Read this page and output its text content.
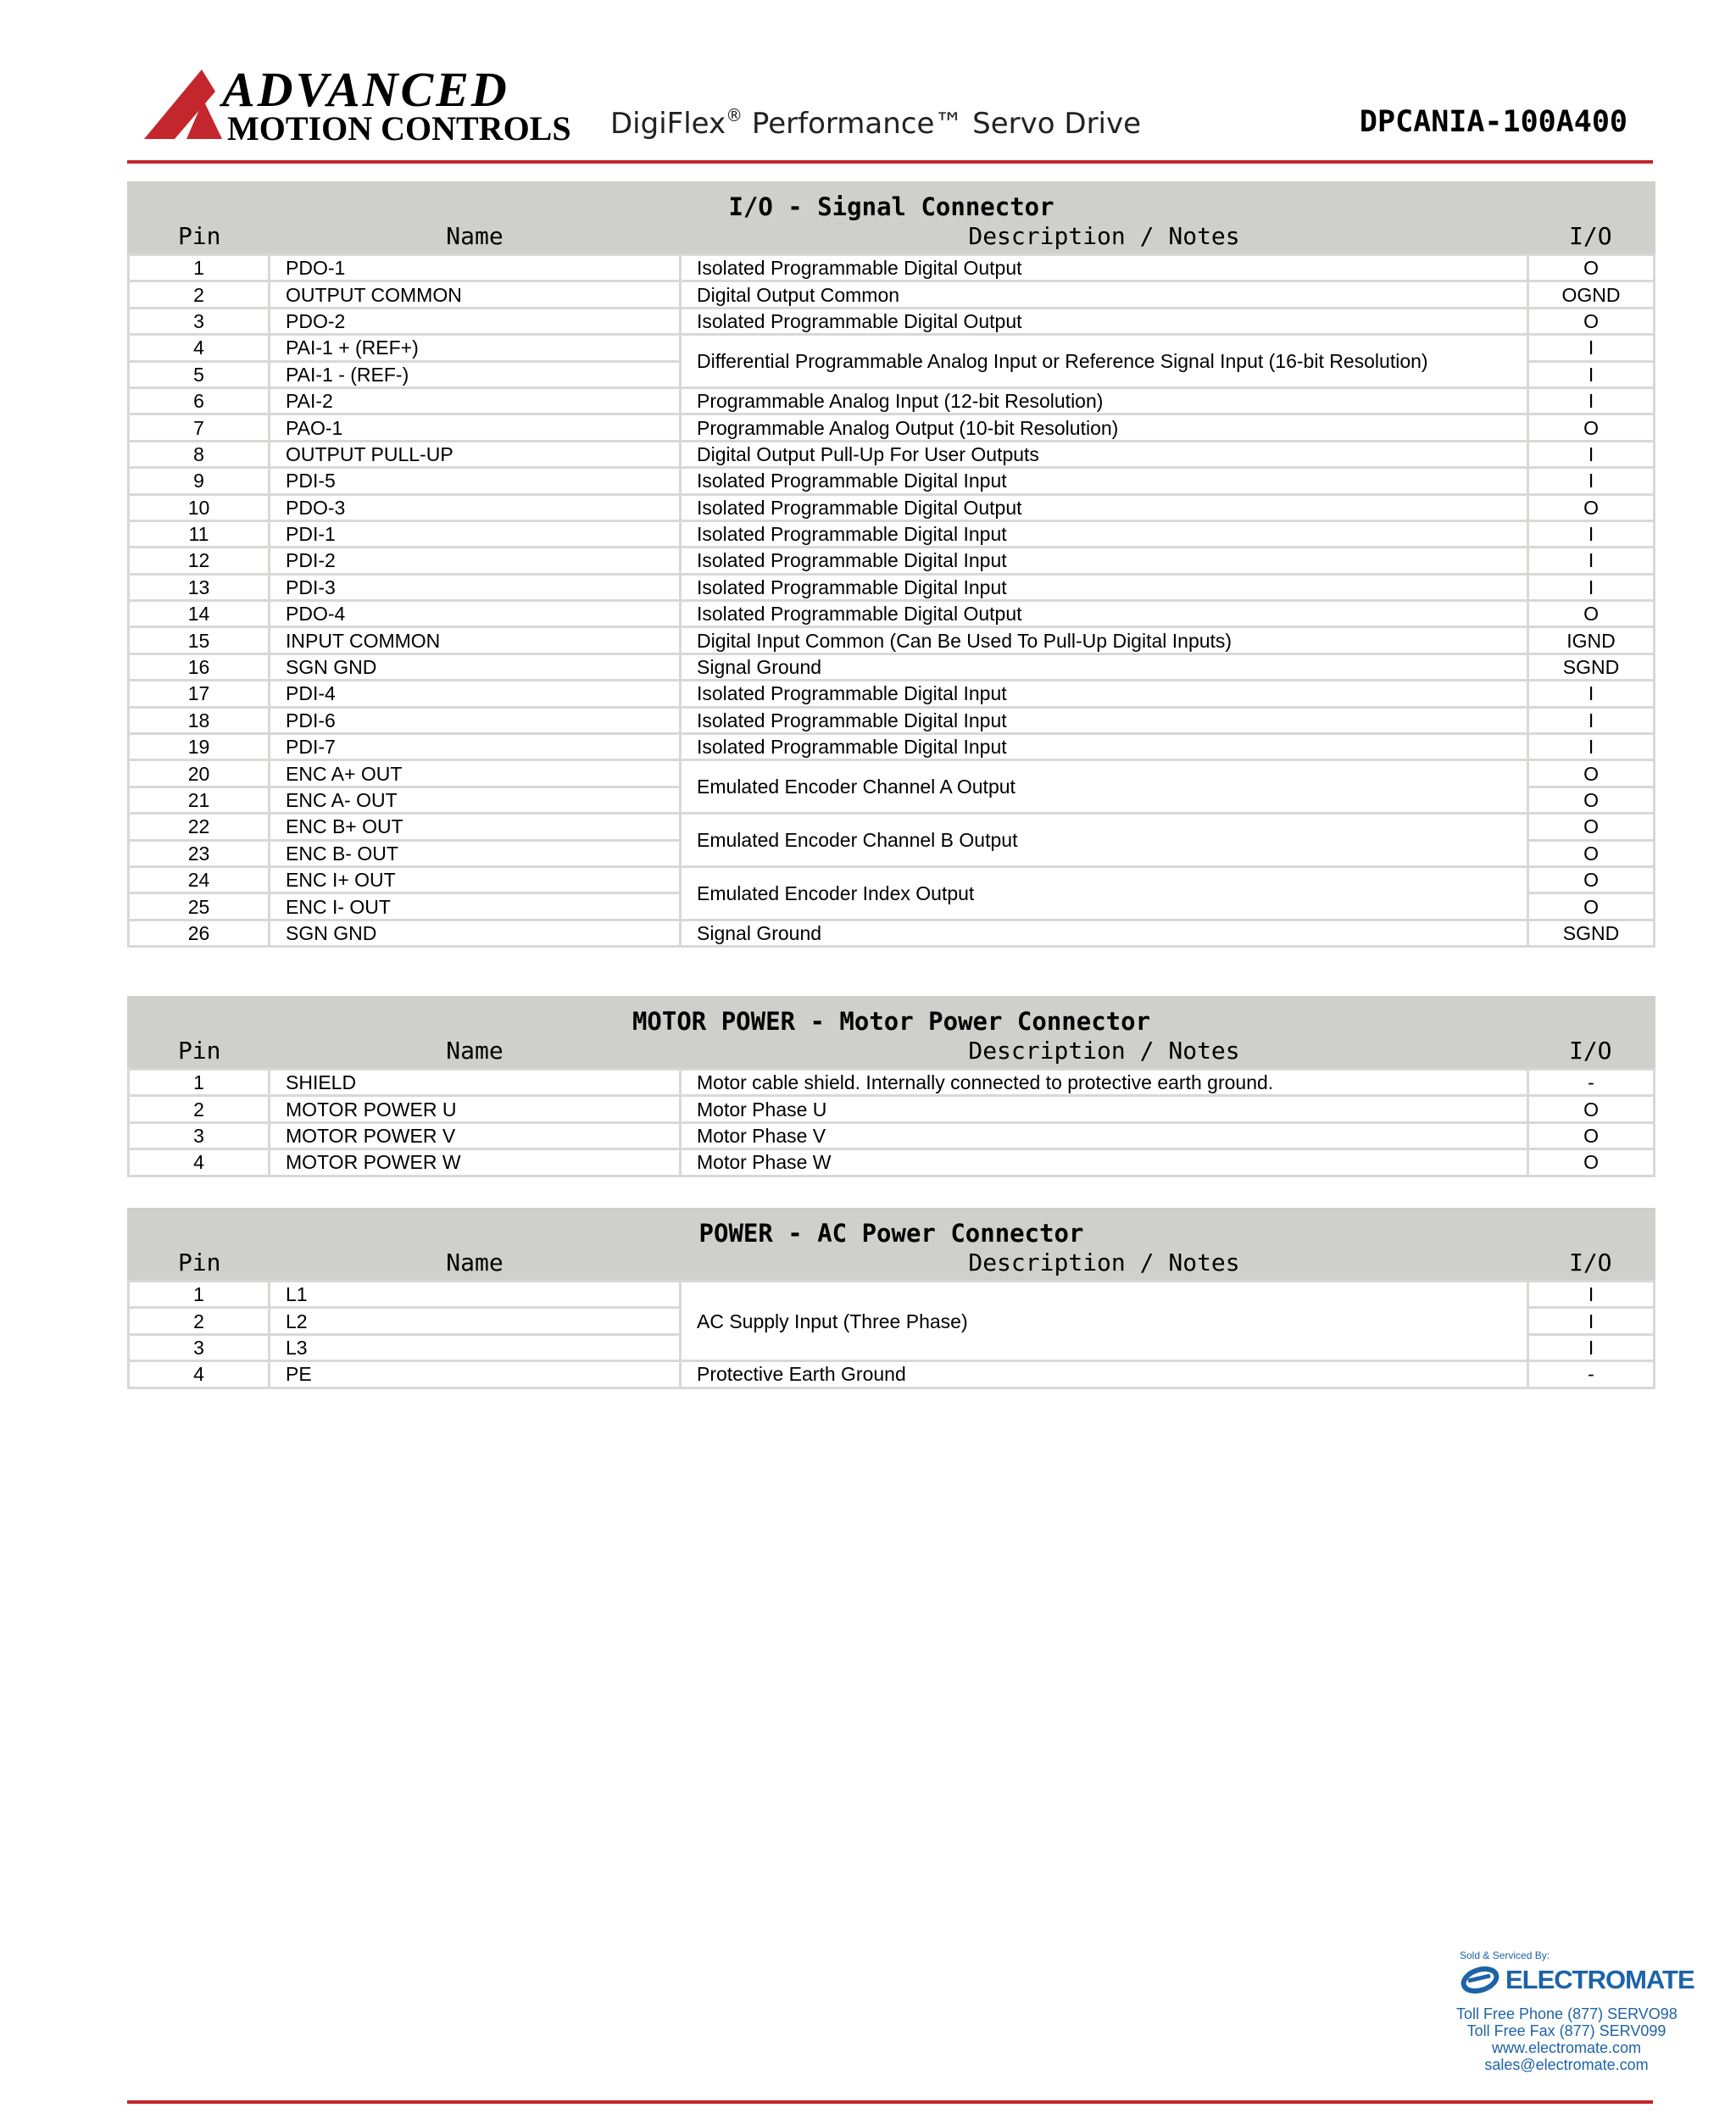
ADVANCED
MOTION CONTROLS DigiFlex® Performance™ Servo Drive	DPCANIA-100A400
I/O - Signal Connector			
Pin	Name	Description / Notes	I/O
1	PDO-1	Isolated Programmable Digital Output	O
2	OUTPUT COMMON	Digital Output Common	OGND
3	PDO-2	Isolated Programmable Digital Output	O
4	PAI-1 + (REF+)	Differential Programmable Analog Input or Reference Signal Input (16-bit Resolution)	I
5	PAI-1 - (REF-)		I
6	PAI-2	Programmable Analog Input (12-bit Resolution)	I
7	PAO-1	Programmable Analog Output (10-bit Resolution)	O
8	OUTPUT PULL-UP	Digital Output Pull-Up For User Outputs	I
9	PDI-5	Isolated Programmable Digital Input	I
10	PDO-3	Isolated Programmable Digital Output	O
11	PDI-1	Isolated Programmable Digital Input	I
12	PDI-2	Isolated Programmable Digital Input	I
13	PDI-3	Isolated Programmable Digital Input	I
14	PDO-4	Isolated Programmable Digital Output	O
15	INPUT COMMON	Digital Input Common (Can Be Used To Pull-Up Digital Inputs)	IGND
16	SGN GND	Signal Ground	SGND
17	PDI-4	Isolated Programmable Digital Input	I
18	PDI-6	Isolated Programmable Digital Input	I
19	PDI-7	Isolated Programmable Digital Input	I
20	ENC A+ OUT	Emulated Encoder Channel A Output	O
21	ENC A- OUT		O
22	ENC B+ OUT	Emulated Encoder Channel B Output	O
23	ENC B- OUT		O
24	ENC I+ OUT	Emulated Encoder Index Output	O
25	ENC I- OUT		O
26	SGN GND	Signal Ground	SGND
MOTOR POWER - Motor Power Connector			
Pin	Name	Description / Notes	I/O
1	SHIELD	Motor cable shield. Internally connected to protective earth ground.	-
2	MOTOR POWER U	Motor Phase U	O
3	MOTOR POWER V	Motor Phase V	O
4	MOTOR POWER W	Motor Phase W	O
POWER - AC Power Connector			
Pin	Name	Description / Notes	I/O
1	L1	AC Supply Input (Three Phase)	I
2	L2		I
3	L3		I
4	PE	Protective Earth Ground	-
Sold & Serviced By:
ELECTROMATE
Toll Free Phone (877) SERVO98
Toll Free Fax (877) SERV099
www.electromate.com
sales@electromate.com
